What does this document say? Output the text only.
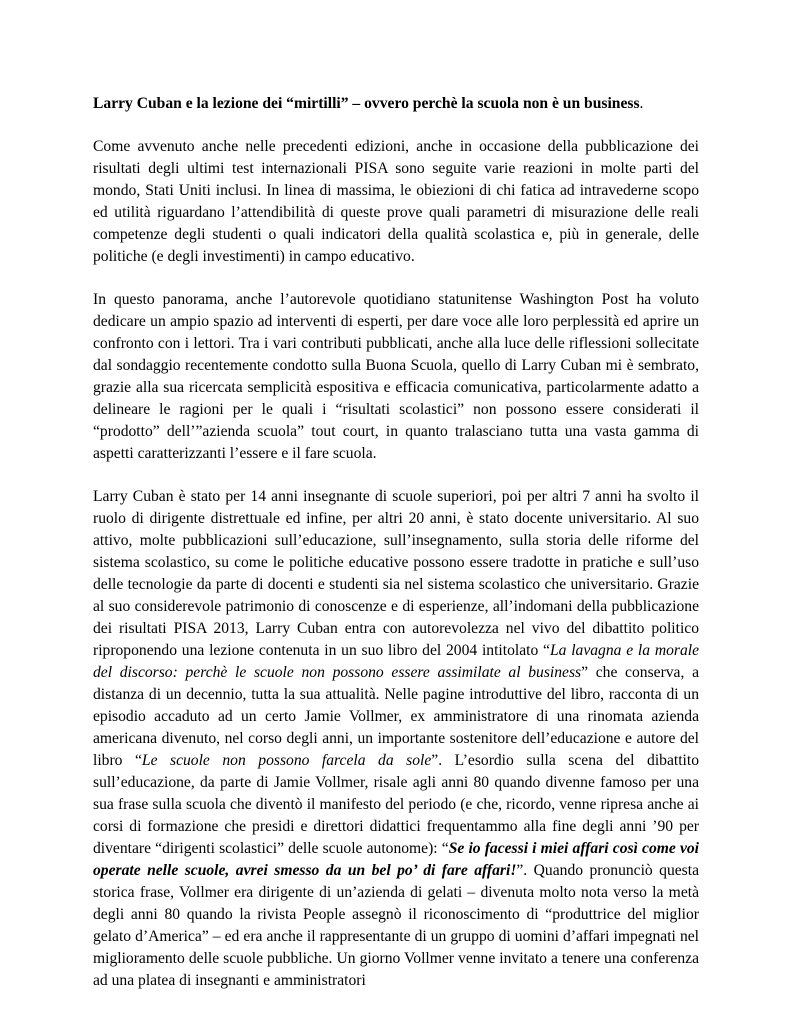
Larry Cuban e la lezione dei “mirtilli” – ovvero perchè la scuola non è un business.

Come avvenuto anche nelle precedenti edizioni, anche in occasione della pubblicazione dei risultati degli ultimi test internazionali PISA sono seguite varie reazioni in molte parti del mondo, Stati Uniti inclusi. In linea di massima, le obiezioni di chi fatica ad intravederne scopo ed utilità riguardano l’attendibilità di queste prove quali parametri di misurazione delle reali competenze degli studenti o quali indicatori della qualità scolastica e, più in generale, delle politiche (e degli investimenti) in campo educativo.

In questo panorama, anche l’autorevole quotidiano statunitense Washington Post ha voluto dedicare un ampio spazio ad interventi di esperti, per dare voce alle loro perplessità ed aprire un confronto con i lettori. Tra i vari contributi pubblicati, anche alla luce delle riflessioni sollecitate dal sondaggio recentemente condotto sulla Buona Scuola, quello di Larry Cuban mi è sembrato, grazie alla sua ricercata semplicità espositiva e efficacia comunicativa, particolarmente adatto a delineare le ragioni per le quali i “risultati scolastici” non possono essere considerati il “prodotto” dell’”azienda scuola” tout court, in quanto tralasciano tutta una vasta gamma di aspetti caratterizzanti l’essere e il fare scuola.

Larry Cuban è stato per 14 anni insegnante di scuole superiori, poi per altri 7 anni ha svolto il ruolo di dirigente distrettuale ed infine, per altri 20 anni, è stato docente universitario. Al suo attivo, molte pubblicazioni sull’educazione, sull’insegnamento, sulla storia delle riforme del sistema scolastico, su come le politiche educative possono essere tradotte in pratiche e sull’uso delle tecnologie da parte di docenti e studenti sia nel sistema scolastico che universitario. Grazie al suo considerevole patrimonio di conoscenze e di esperienze, all’indomani della pubblicazione dei risultati PISA 2013, Larry Cuban entra con autorevolezza nel vivo del dibattito politico riproponendo una lezione contenuta in un suo libro del 2004 intitolato “La lavagna e la morale del discorso: perchè le scuole non possono essere assimilate al business” che conserva, a distanza di un decennio, tutta la sua attualità. Nelle pagine introduttive del libro, racconta di un episodio accaduto ad un certo Jamie Vollmer, ex amministratore di una rinomata azienda americana divenuto, nel corso degli anni, un importante sostenitore dell’educazione e autore del libro “Le scuole non possono farcela da sole”. L’esordio sulla scena del dibattito sull’educazione, da parte di Jamie Vollmer, risale agli anni 80 quando divenne famoso per una sua frase sulla scuola che diventò il manifesto del periodo (e che, ricordo, venne ripresa anche ai corsi di formazione che presidi e direttori didattici frequentammo alla fine degli anni ’90 per diventare “dirigenti scolastici” delle scuole autonome): “Se io facessi i miei affari così come voi operate nelle scuole, avrei smesso da un bel po’ di fare affari!”. Quando pronunciò questa storica frase, Vollmer era dirigente di un’azienda di gelati – divenuta molto nota verso la metà degli anni 80 quando la rivista People assegnò il riconoscimento di “produttrice del miglior gelato d’America” – ed era anche il rappresentante di un gruppo di uomini d’affari impegnati nel miglioramento delle scuole pubbliche. Un giorno Vollmer venne invitato a tenere una conferenza ad una platea di insegnanti e amministratori
